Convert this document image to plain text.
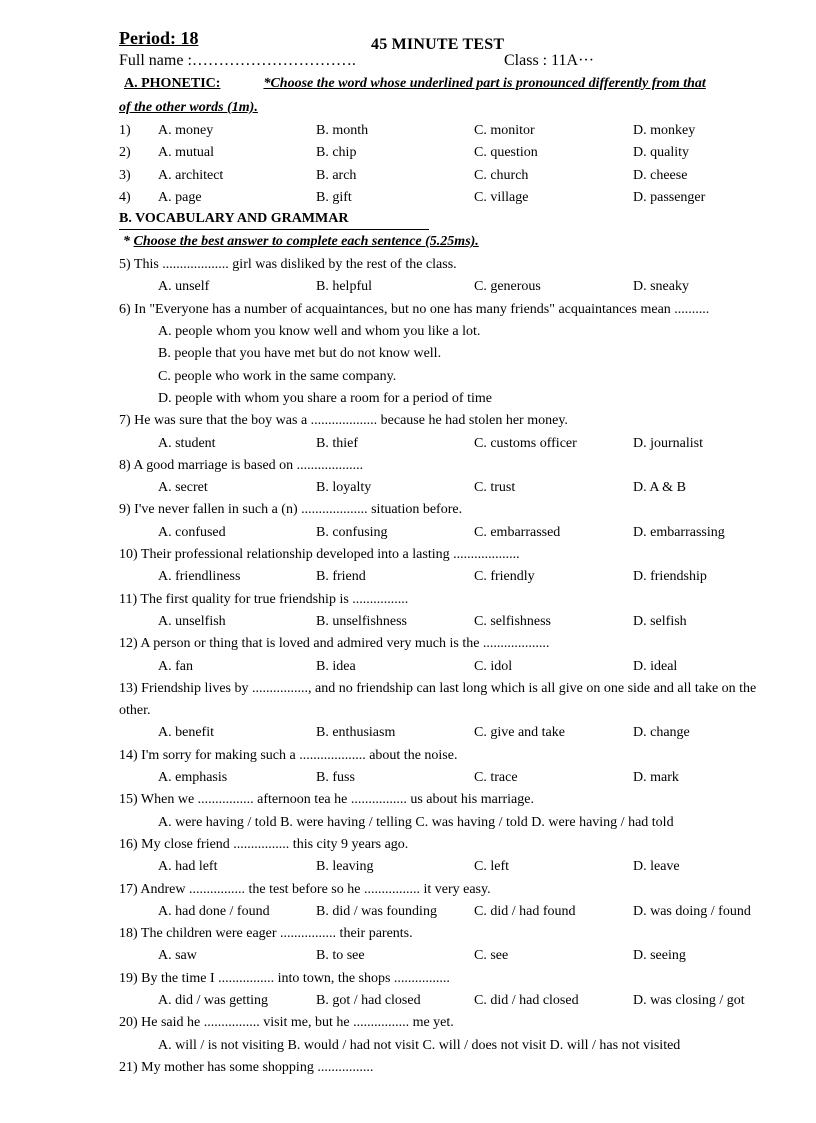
Period: 18	45 MINUTE TEST
Full name :………………………….	Class : 11A···
A. PHONETIC:	*Choose the word whose underlined part is pronounced differently from that
of the other words (1m).
1) A. money	B. month	C. monitor	D. monkey
2) A. mutual	B. chip	C. question	D. quality
3) A. architect	B. arch	C. church	D. cheese
4) A. page	B. gift	C. village	D. passenger
B. VOCABULARY AND GRAMMAR
* Choose the best answer to complete each sentence (5.25ms).
5) This ................... girl was disliked by the rest of the class.
A. unself	B. helpful	C. generous	D. sneaky
6) In "Everyone has a number of acquaintances, but no one has many friends" acquaintances mean ..........
A. people whom you know well and whom you like a lot.
B. people that you have met but do not know well.
C. people who work in the same company.
D. people with whom you share a room for a period of time
7) He was sure that the boy was a ................... because he had stolen her money.
A. student	B. thief	C. customs officer	D. journalist
8) A good marriage is based on ...................
A. secret	B. loyalty	C. trust	D. A & B
9) I've never fallen in such a (n) ................... situation before.
A. confused	B. confusing	C. embarrassed	D. embarrassing
10) Their professional relationship developed into a lasting ...................
A. friendliness	B. friend	C. friendly	D. friendship
11) The first quality for true friendship is ................
A. unselfish	B. unselfishness	C. selfishness	D. selfish
12) A person or thing that is loved and admired very much is the ...................
A. fan	B. idea	C. idol	D. ideal
13) Friendship lives by ................, and no friendship can last long which is all give on one side and all take on the other.
A. benefit	B. enthusiasm	C. give and take	D. change
14) I'm sorry for making such a ................... about the noise.
A. emphasis	B. fuss	C. trace	D. mark
15) When we ................ afternoon tea he ................ us about his marriage.
A. were having / told B. were having / telling C. was having / told D. were having / had told
16) My close friend ................ this city 9 years ago.
A. had left	B. leaving	C. left	D. leave
17) Andrew ................ the test before so he ................ it very easy.
A. had done / found	B. did / was founding	C. did / had found	D. was doing / found
18) The children were eager ................ their parents.
A. saw	B. to see	C. see	D. seeing
19) By the time I ................ into town, the shops ................
A. did / was getting	B. got / had closed	C. did / had closed	D. was closing / got
20) He said he ................ visit me, but he ................ me yet.
A. will / is not visiting B. would / had not visit C. will / does not visit D. will / has not visited
21) My mother has some shopping ................
